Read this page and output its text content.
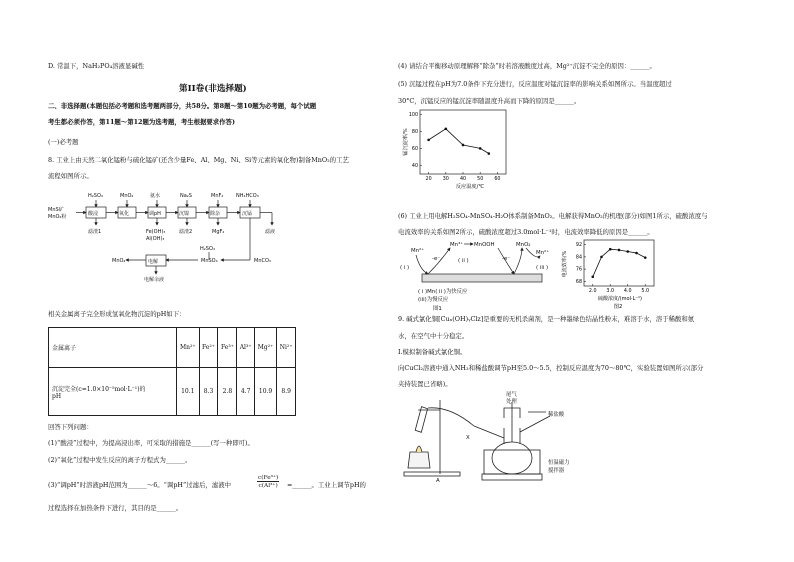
D. 常温下，NaH₂PO₄溶液显碱性
第II卷(非选择题)
二、非选择题(本题包括必考题和选考题两部分，共58分。第8题～第10题为必考题，每个试题
考生都必须作答，第11题～第12题为选考题，考生根据要求作答)
(一)必考题
8. 工业上由天然二氧化锰粉与硫化锰矿(还含少量Fe、Al、Mg、Ni、Si等元素的氧化物)制备MnO₂的工艺
流程如图所示。
MnS矿
MnO₂粉	酸浸	氧化	调pH	沉镍	除杂	沉锰
电解
H₂SO₄	MnO₂	氨水	Na₂S	MnF₂	NH₄HCO₃
H₂SO₄
滤渣1	Fe(OH)₃
Al(OH)₃
滤渣2	MgF₂	滤液
MnO₂	MnSO₄	MnCO₃
电解余液
相关金属离子完全形成氢氧化物沉淀的pH如下：
金属离子	Mn²⁺	Fe²⁺	Fe³⁺	Al³⁺	Mg²⁺	Ni²⁺
沉淀完全(c=1.0×10⁻⁵mol·L⁻¹)的
pH	10.1	8.3	2.8	4.7	10.9	8.9
回答下列问题：
(1)“酸浸”过程中，为提高浸出率，可采取的措施是______(写一种即可)。
(2)“氧化”过程中发生反应的离子方程式为______。
(3)“调pH”时溶液pH范围为______～6。“调pH”过滤后，滤液中	$\frac{\text{c(Fe³⁺)}}{\text{c(Al³⁺)}}$ =______。工业上调节pH的
过程选择在加热条件下进行，其目的是______。
(4) 请结合平衡移动原理解释“除杂”时若溶液酸度过高，Mg²⁺沉淀不完全的原因：______。
(5) 沉锰过程在pH为7.0条件下充分进行，反应温度对锰沉淀率的影响关系如图所示。当温度超过
30°C，沉锰反应的锰沉淀率随温度升高而下降的原因是______。
20 30 40 50 60
40
60
80
100
反应温度/℃
锰沉淀率/%
(6) 工业上用电解H₂SO₄-MnSO₄-H₂O体系制备MnO₂。电解获得MnO₂的机理(部分)如图1所示，硫酸浓度与
电流效率的关系如图2所示，硫酸浓度超过3.0mol·L⁻¹时，电流效率降低的原因是______。
Mn²⁺
Mn³⁺ MnOOH	MnO₂
Mn²⁺
( i )
( ii )
( iii )
-e⁻	-e⁻
( i )Mn( ii )为快反应
(iii)为慢反应
图1
2.0 3.0 4.0 5.0
68
76
84
92
硫酸浓度/(mol·L⁻¹)
电流效率/%
图2
9. 碱式氯化铜[Cuₓ(OH)ᵧClz]是重要的无机杀菌剂，是一种墨绿色结晶性粉末，难溶于水，溶于稀酸和氨
水，在空气中十分稳定。
Ⅰ.模拟制备碱式氯化铜。
向CuCl₂溶液中通入NH₃和稀盐酸调节pH至5.0～5.5，控制反应温度为70～80℃，实验装置如图所示(部分
夹持装置已省略)。
A
X
尾气
处理
稀盐酸
恒温磁力
搅拌器
